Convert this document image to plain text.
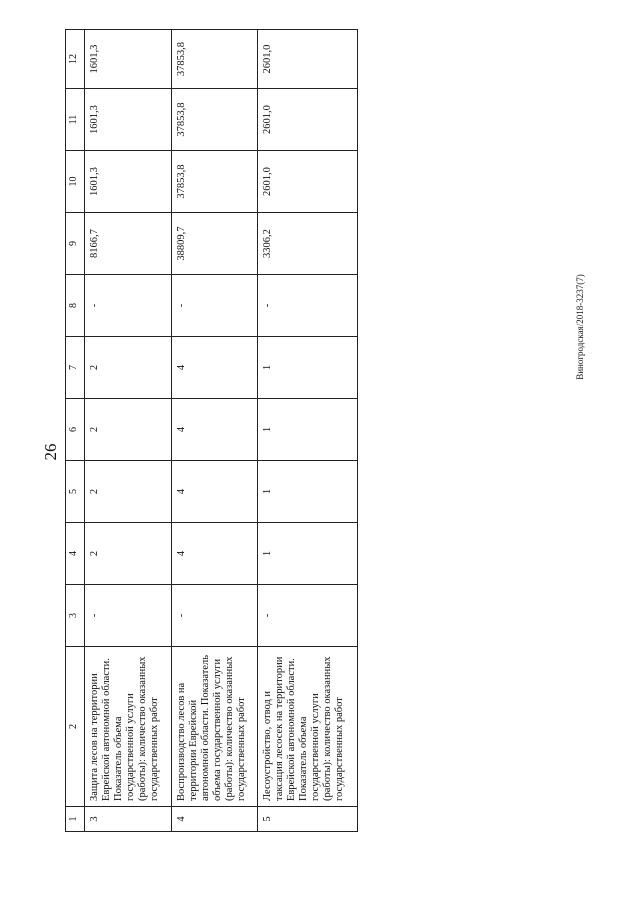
26
Виногродская/2018-3237(7)
1	2	3	4	5	6	7	8	9	10	11	12
3	Защита лесов на территории Еврейской автономной области. Показатель объема государственной услуги (работы): количество оказанных государственных работ	-	2	2	2	2	-	8166,7	1601,3	1601,3	1601,3
4	Воспроизводство лесов на территории Еврейской автономной области. Показатель объема государственной услуги (работы): количество оказанных государственных работ	-	4	4	4	4	-	38809,7	37853,8	37853,8	37853,8
5	Лесоустройство, отвод и таксация лесосек на территории Еврейской автономной области. Показатель объема государственной услуги (работы): количество оказанных государственных работ	-	1	1	1	1	-	3306,2	2601,0	2601,0	2601,0
